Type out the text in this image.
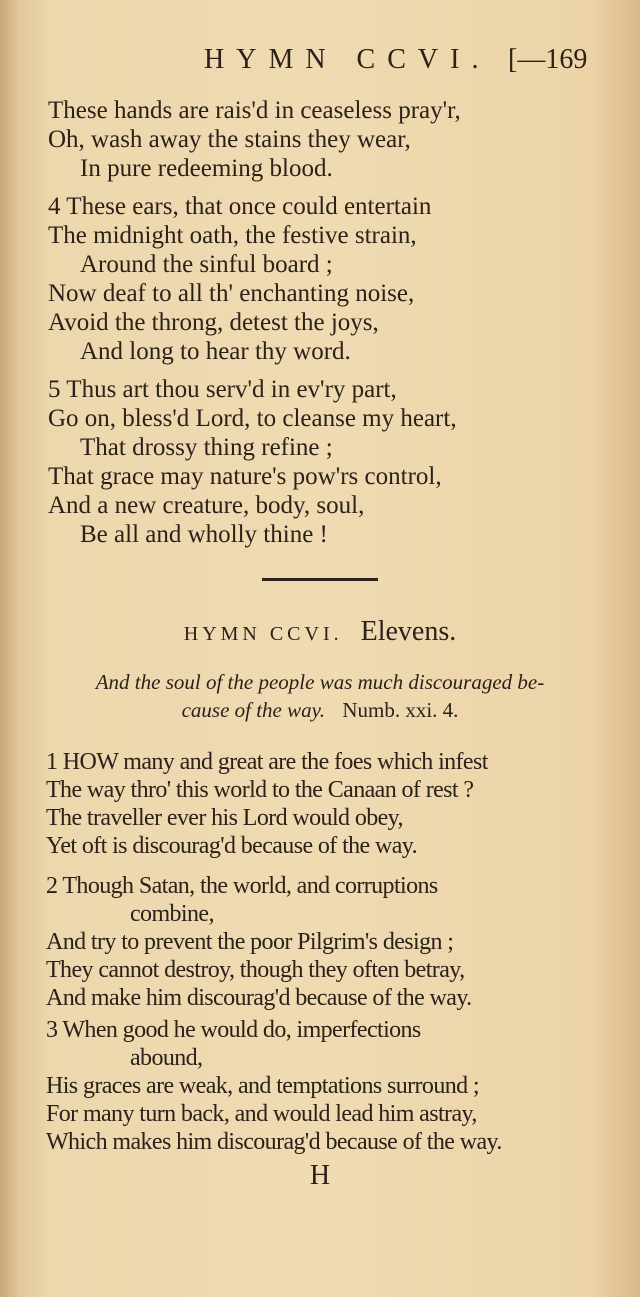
HYMN CCVI. [—169
These hands are rais'd in ceaseless pray'r,
Oh, wash away the stains they wear,
In pure redeeming blood.
4 These ears, that once could entertain
The midnight oath, the festive strain,
Around the sinful board ;
Now deaf to all th' enchanting noise,
Avoid the throng, detest the joys,
And long to hear thy word.
5 Thus art thou serv'd in ev'ry part,
Go on, bless'd Lord, to cleanse my heart,
That drossy thing refine ;
That grace may nature's pow'rs control,
And a new creature, body, soul,
Be all and wholly thine !
HYMN CCVI. Elevens.
And the soul of the people was much discouraged be-
cause of the way. Numb. xxi. 4.
1 HOW many and great are the foes which infest
The way thro' this world to the Canaan of rest ?
The traveller ever his Lord would obey,
Yet oft is discourag'd because of the way.
2 Though Satan, the world, and corruptions
combine,
And try to prevent the poor Pilgrim's design ;
They cannot destroy, though they often betray,
And make him discourag'd because of the way.
3 When good he would do, imperfections
abound,
His graces are weak, and temptations surround ;
For many turn back, and would lead him astray,
Which makes him discourag'd because of the way.
H
